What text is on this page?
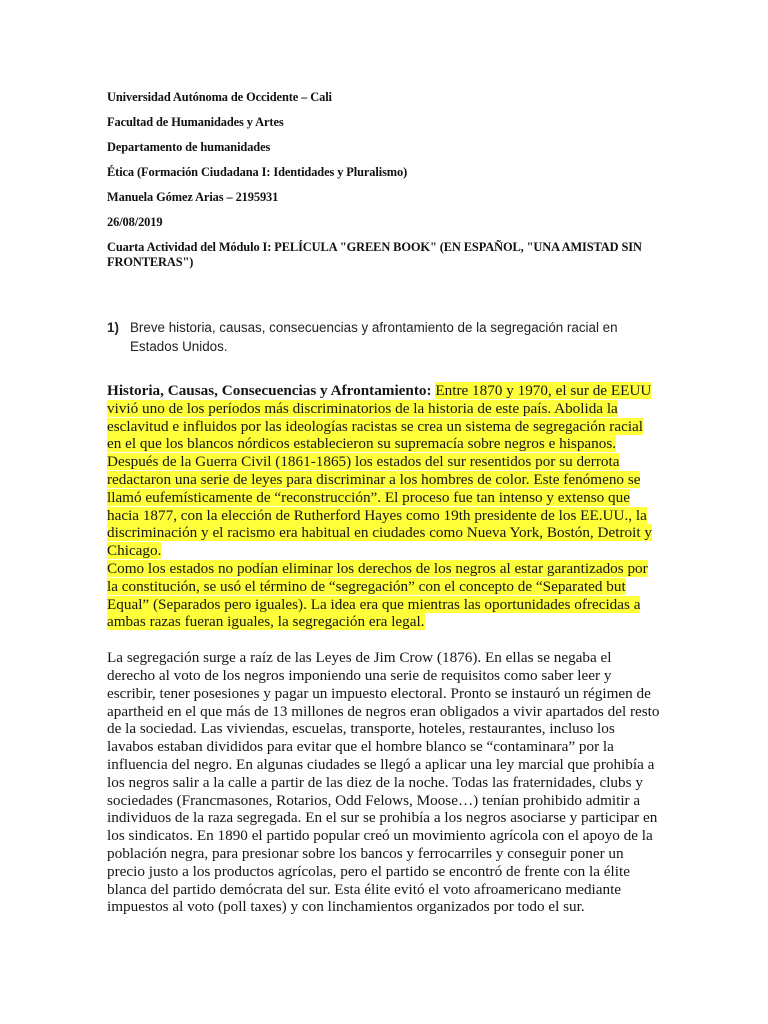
Universidad Autónoma de Occidente – Cali

Facultad de Humanidades y Artes

Departamento de humanidades

Ética (Formación Ciudadana I: Identidades y Pluralismo)

Manuela Gómez Arias – 2195931

26/08/2019

Cuarta Actividad del Módulo I: PELÍCULA "GREEN BOOK" (EN ESPAÑOL, "UNA AMISTAD SIN FRONTERAS")

1) Breve historia, causas, consecuencias y afrontamiento de la segregación racial en Estados Unidos.

Historia, Causas, Consecuencias y Afrontamiento: Entre 1870 y 1970, el sur de EEUU vivió uno de los períodos más discriminatorios de la historia de este país. Abolida la esclavitud e influidos por las ideologías racistas se crea un sistema de segregación racial en el que los blancos nórdicos establecieron su supremacía sobre negros e hispanos.

Después de la Guerra Civil (1861-1865) los estados del sur resentidos por su derrota redactaron una serie de leyes para discriminar a los hombres de color. Este fenómeno se llamó eufemísticamente de “reconstrucción”. El proceso fue tan intenso y extenso que hacia 1877, con la elección de Rutherford Hayes como 19th presidente de los EE.UU., la discriminación y el racismo era habitual en ciudades como Nueva York, Bostón, Detroit y Chicago.

Como los estados no podían eliminar los derechos de los negros al estar garantizados por la constitución, se usó el término de “segregación” con el concepto de “Separated but Equal” (Separados pero iguales). La idea era que mientras las oportunidades ofrecidas a ambas razas fueran iguales, la segregación era legal.

La segregación surge a raíz de las Leyes de Jim Crow (1876). En ellas se negaba el derecho al voto de los negros imponiendo una serie de requisitos como saber leer y escribir, tener posesiones y pagar un impuesto electoral. Pronto se instauró un régimen de apartheid en el que más de 13 millones de negros eran obligados a vivir apartados del resto de la sociedad. Las viviendas, escuelas, transporte, hoteles, restaurantes, incluso los lavabos estaban divididos para evitar que el hombre blanco se “contaminara” por la influencia del negro. En algunas ciudades se llegó a aplicar una ley marcial que prohibía a los negros salir a la calle a partir de las diez de la noche. Todas las fraternidades, clubs y sociedades (Francmasones, Rotarios, Odd Felows, Moose…) tenían prohibido admitir a individuos de la raza segregada. En el sur se prohibía a los negros asociarse y participar en los sindicatos. En 1890 el partido popular creó un movimiento agrícola con el apoyo de la población negra, para presionar sobre los bancos y ferrocarriles y conseguir poner un precio justo a los productos agrícolas, pero el partido se encontró de frente con la élite blanca del partido demócrata del sur. Esta élite evitó el voto afroamericano mediante impuestos al voto (poll taxes) y con linchamientos organizados por todo el sur.
